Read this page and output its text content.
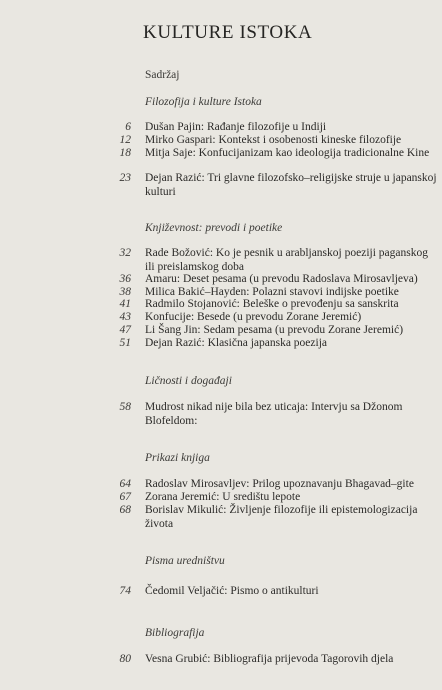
KULTURE ISTOKA
Sadržaj
Filozofija i kulture Istoka
6 Dušan Pajin: Rađanje filozofije u Indiji
12 Mirko Gaspari: Kontekst i osobenosti kineske filozofije
18 Mitja Saje: Konfucijanizam kao ideologija tradicionalne Kine
23 Dejan Razić: Tri glavne filozofsko–religijske struje u japanskoj kulturi
Književnost: prevodi i poetike
32 Rade Božović: Ko je pesnik u arablјanskoj poeziji paganskog ili preislamskog doba
36 Amaru: Deset pesama (u prevodu Radoslava Mirosavljeva)
38 Milica Bakić–Hayden: Polazni stavovi indijske poetike
41 Radmilo Stojanović: Beleške o prevođenju sa sanskrita
43 Konfucije: Besede (u prevodu Zorane Jeremić)
47 Li Šang Jin: Sedam pesama (u prevodu Zorane Jeremić)
51 Dejan Razić: Klasična japanska poezija
Ličnosti i događaji
58 Mudrost nikad nije bila bez uticaja: Intervju sa Džonom Blofeldom:
Prikazi knjiga
64 Radoslav Mirosavljev: Prilog upoznavanju Bhagavad–gite
67 Zorana Jeremić: U središtu lepote
68 Borislav Mikulić: Življenje filozofije ili epistemologizacija života
Pisma uredništvu
74 Čedomil Veljačić: Pismo o antikulturi
Bibliografija
80 Vesna Grubić: Bibliografija prijevoda Tagorovih djela
